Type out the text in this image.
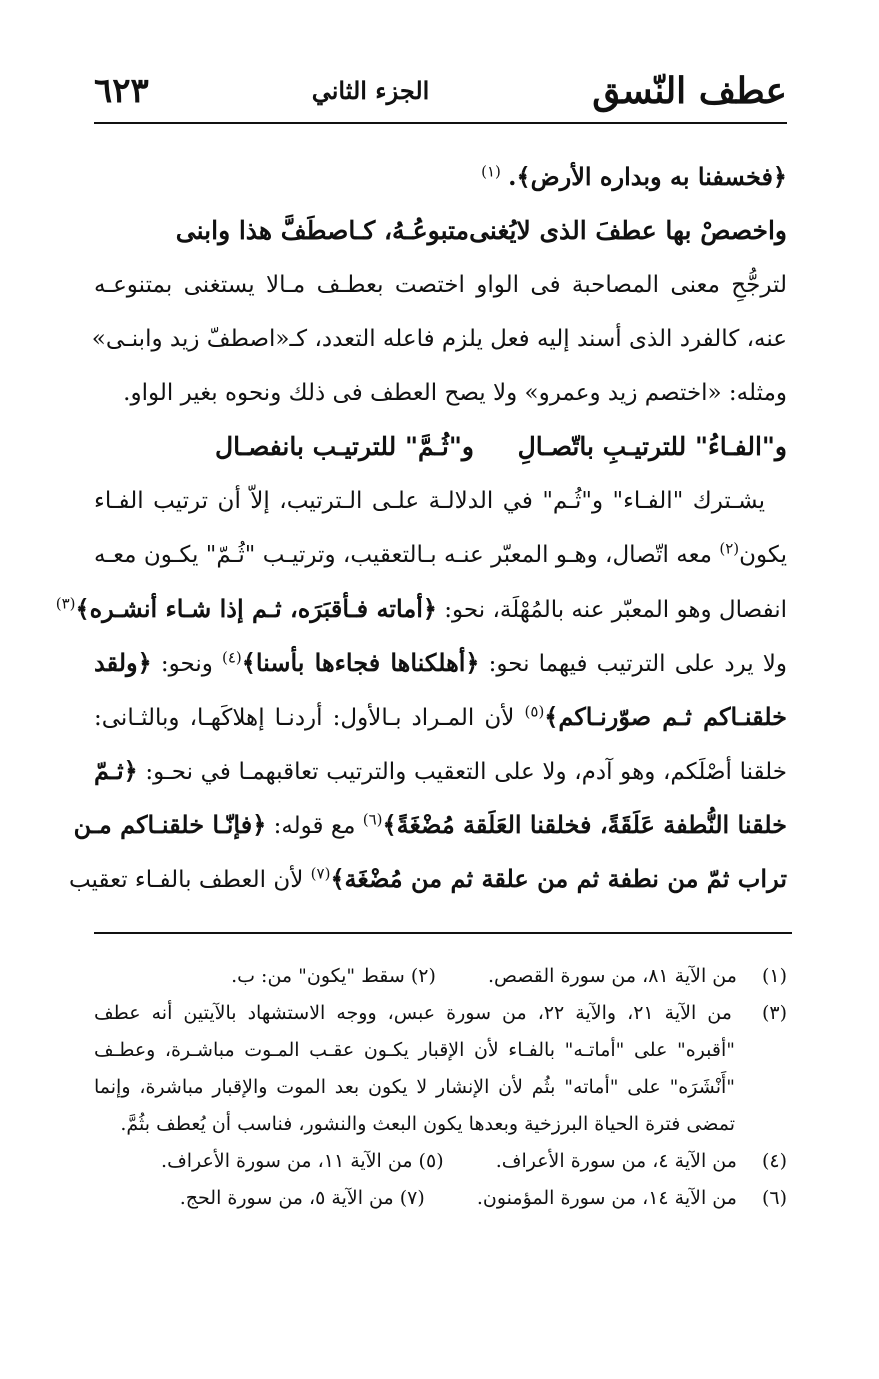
عطف النّسق
الجزء الثاني
٦٢٣
﴿فخسفنا به وبداره الأرض﴾. $^{(١)}$
واخصصْ بها عطفَ الذى لايُغنى
متبوعُـهُ، كـاصطَفَّ هذا وابنى
لترجُّحِ معنى المصاحبة فى الواو اختصت بعطـف مـالا يستغنى بمتنوعـه
عنه، كالفرد الذى أسند إليه فعل يلزم فاعله التعدد، كـ«اصطفّ زيد وابنـى»
ومثله: «اختصم زيد وعمرو» ولا يصح العطف فى ذلك ونحوه بغير الواو.
و"الفـاءُ" للترتيـبِ باتّصـالِ
و"ثُـمَّ" للترتيـب بانفصـال
يشـترك "الفـاء" و"ثُـم" في الدلالـة علـى الـترتيب، إلاّ أن ترتيب الفـاء
يكون$^{(٢)}$ معه اتّصال، وهـو المعبّر عنـه بـالتعقيب، وترتيـب "ثُـمّ" يكـون معـه
انفصال وهو المعبّر عنه بالمُهْلَة، نحو: ﴿أماته فـأقبَرَه، ثـم إذا شـاء أنشـره﴾$^{(٣)}$
ولا يرد على الترتيب فيهما نحو: ﴿أهلكناها فجاءها بأسنا﴾$^{(٤)}$ ونحو: ﴿ولقد
خلقنـاكم ثـم صوّرنـاكم﴾$^{(٥)}$ لأن المـراد بـالأول: أردنـا إهلاكَهـا، وبالثـانى:
خلقنا أصْلَكم، وهو آدم، ولا على التعقيب والترتيب تعاقبهمـا في نحـو: ﴿ثـمّ
خلقنا النُّطفة عَلَقَةً، فخلقنا العَلَقة مُضْغَةً﴾$^{(٦)}$ مع قوله: ﴿فإنّـا خلقنـاكم مـن
تراب ثمّ من نطفة ثم من علقة ثم من مُضْغَة﴾$^{(٧)}$ لأن العطف بالفـاء تعقيب
(١) من الآية ٨١، من سورة القصص.  (٢) سقط "يكون" من: ب.
(٣) من الآية ٢١، والآية ٢٢، من سورة عبس، ووجه الاستشهاد بالآيتين أنه عطف
"أقبره" على "أماتـه" بالفـاء لأن الإقبار يكـون عقـب المـوت مباشـرة، وعطـف
"أَنْشَرَه" على "أماته" بثُم لأن الإنشار لا يكون بعد الموت والإقبار مباشرة، وإنما
تمضى فترة الحياة البرزخية وبعدها يكون البعث والنشور، فناسب أن يُعطف بثُمَّ.
(٤) من الآية ٤، من سورة الأعراف.  (٥) من الآية ١١، من سورة الأعراف.
(٦) من الآية ١٤، من سورة المؤمنون.  (٧) من الآية ٥، من سورة الحج.
